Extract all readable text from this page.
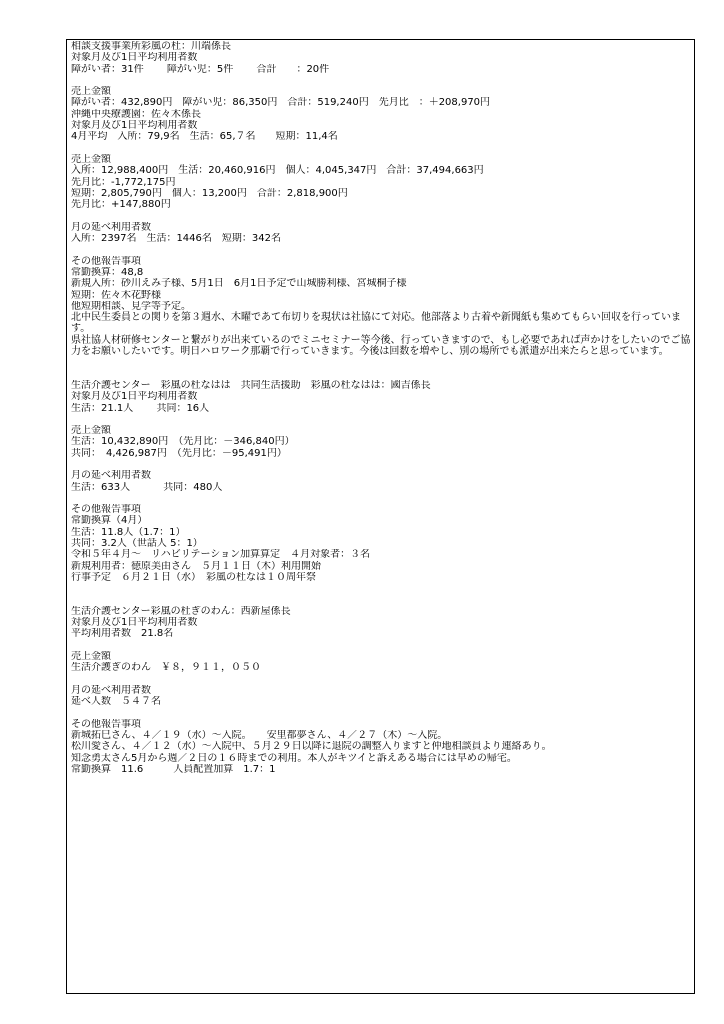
相談支援事業所彩風の杜：川端係長
対象月及び1日平均利用者数
障がい者：31件　　 障がい児：5件　　 合計　　：20件
売上金額
障がい者：432,890円　障がい児：86,350円　合計：519,240円　先月比　：＋208,970円
沖縄中央療護園：佐々木係長
対象月及び1日平均利用者数
4月平均　入所：79,9名　生活：65,７名　　短期：11,4名
売上金額
入所：12,988,400円　生活：20,460,916円　個人：4,045,347円　合計：37,494,663円
先月比：-1,772,175円
短期：2,805,790円　個人：13,200円　合計：2,818,900円
先月比：+147,880円
月の延べ利用者数
入所：2397名　生活：1446名　短期：342名
その他報告事項
常勤換算：48,8
新規入所：砂川えみ子様、5月1日　6月1日予定で山城勝利様、宮城桐子様
短期：佐々木花野様
他短期相談、見学等予定。
北中民生委員との関りを第３週水、木曜であて布切りを現状は社協にて対応。他部落より古着や新聞紙も集めてもらい回収を行っています。
県社協人材研修センターと繋がりが出来ているのでミニセミナー等今後、行っていきますので、もし必要であれば声かけをしたいのでご協力をお願いしたいです。明日ハロワーク那覇で行っていきます。今後は回数を増やし、別の場所でも派遣が出来たらと思っています。
生活介護センター　彩風の杜なはは　共同生活援助　彩風の杜なはは：國吉係長
対象月及び1日平均利用者数
生活：21.1人　　 共同：16人
売上金額
生活：10,432,890円　（先月比：－346,840円）
共同：　4,426,987円　（先月比：－95,491円）
月の延べ利用者数
生活：633人　　　 共同：480人
その他報告事項
常勤換算（4月）
生活：11.8人（1.7：1）
共同：3.2人（世話人 5：1）
令和５年４月～　リハビリテーション加算算定　４月対象者：３名
新規利用者：徳原美由さん　５月１１日（木）利用開始
行事予定　６月２１日（水）　彩風の杜なは１０周年祭
生活介護センター彩風の杜ぎのわん：西新屋係長
対象月及び1日平均利用者数
平均利用者数　21.8名
売上金額
生活介護ぎのわん　￥８，９１１，０５０
月の延べ利用者数
延べ人数　５４７名
その他報告事項
新城拓巳さん、４／１９（水）～入院。　　安里都夢さん、４／２７（木）～入院。
松川愛さん、４／１２（水）～入院中、５月２９日以降に退院の調整入りますと仲地相談員より連絡あり。
知念勇太さん5月から週／２日の１６時までの利用。本人がキツイと訴えある場合には早めの帰宅。
常勤換算　11.6　　　人員配置加算　1.7：1
